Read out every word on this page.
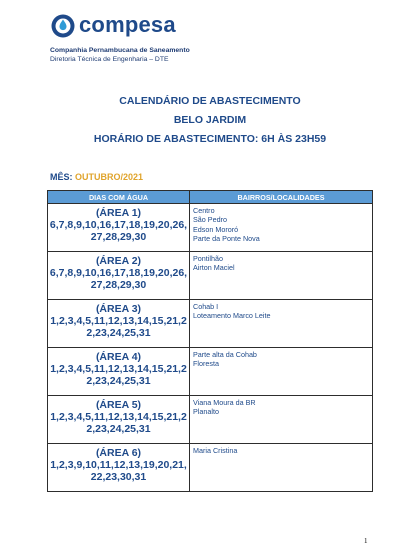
compesa
Companhia Pernambucana de Saneamento
Diretoria Técnica de Engenharia – DTE
CALENDÁRIO DE ABASTECIMENTO
BELO JARDIM
HORÁRIO DE ABASTECIMENTO: 6H ÀS 23H59
MÊS: OUTUBRO/2021
DIAS COM ÁGUA	BAIRROS/LOCALIDADES

(ÁREA 1)
6,7,8,9,10,16,17,18,19,20,26,27,28,29,30	Centro
São Pedro
Edson Mororó
Parte da Ponte Nova

(ÁREA 2)
6,7,8,9,10,16,17,18,19,20,26,27,28,29,30	Pontilhão
Airton Maciel

(ÁREA 3)
1,2,3,4,5,11,12,13,14,15,21,22,23,24,25,31	Cohab I
Loteamento Marco Leite

(ÁREA 4)
1,2,3,4,5,11,12,13,14,15,21,22,23,24,25,31	Parte alta da Cohab
Floresta

(ÁREA 5)
1,2,3,4,5,11,12,13,14,15,21,22,23,24,25,31	Viana Moura da BR
Planalto

(ÁREA 6)
1,2,3,9,10,11,12,13,19,20,21,22,23,30,31	Maria Cristina
1
